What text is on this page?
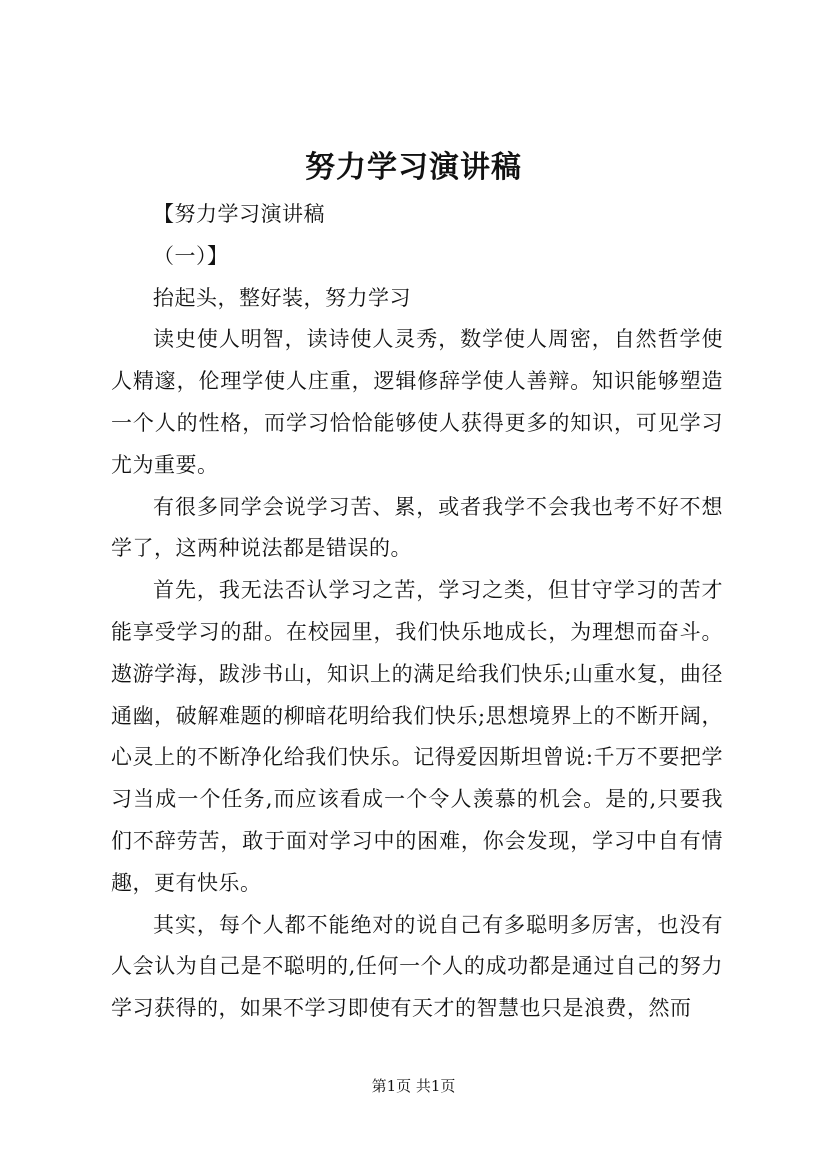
努力学习演讲稿

【努力学习演讲稿

（一）】

抬起头，整好装，努力学习

读史使人明智，读诗使人灵秀，数学使人周密，自然哲学使人精邃，伦理学使人庄重，逻辑修辞学使人善辩。知识能够塑造一个人的性格，而学习恰恰能够使人获得更多的知识，可见学习尤为重要。

有很多同学会说学习苦、累，或者我学不会我也考不好不想学了，这两种说法都是错误的。

首先，我无法否认学习之苦，学习之类，但甘守学习的苦才能享受学习的甜。在校园里，我们快乐地成长，为理想而奋斗。遨游学海，跋涉书山，知识上的满足给我们快乐;山重水复，曲径通幽，破解难题的柳暗花明给我们快乐;思想境界上的不断开阔，心灵上的不断净化给我们快乐。记得爱因斯坦曾说:千万不要把学习当成一个任务,而应该看成一个令人羡慕的机会。是的,只要我们不辞劳苦，敢于面对学习中的困难，你会发现，学习中自有情趣，更有快乐。

其实，每个人都不能绝对的说自己有多聪明多厉害，也没有人会认为自己是不聪明的,任何一个人的成功都是通过自己的努力学习获得的，如果不学习即使有天才的智慧也只是浪费，然而

第1页 共1页
